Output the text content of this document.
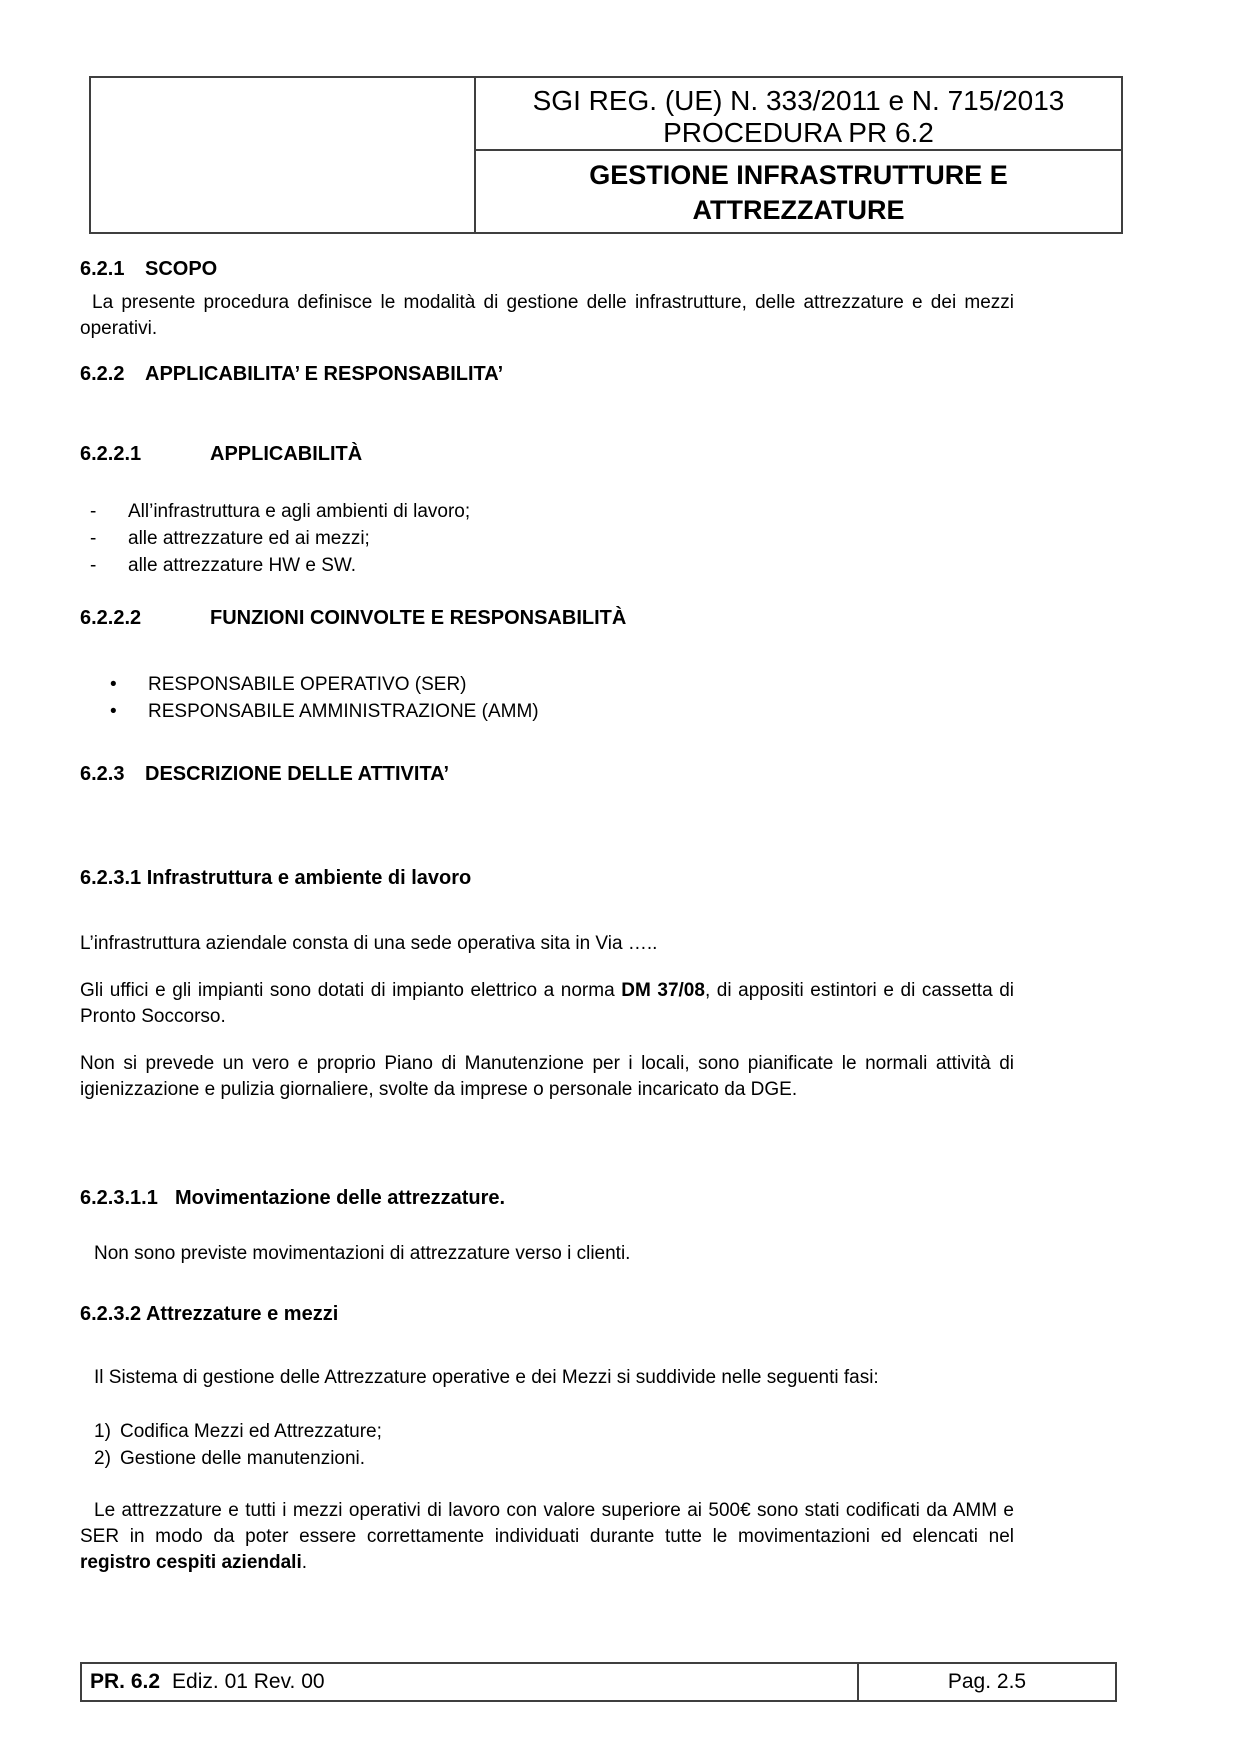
SGI REG. (UE) N. 333/2011 e N. 715/2013
PROCEDURA PR 6.2
GESTIONE INFRASTRUTTURE E ATTREZZATURE
6.2.1 SCOPO
La presente procedura definisce le modalità di gestione delle infrastrutture, delle attrezzature e dei mezzi operativi.
6.2.2 APPLICABILITA’ E RESPONSABILITA’
6.2.2.1	APPLICABILITÀ
-	All’infrastruttura e agli ambienti di lavoro;
-	alle attrezzature ed ai mezzi;
-	alle attrezzature HW e SW.
6.2.2.2	FUNZIONI COINVOLTE E RESPONSABILITÀ
•	RESPONSABILE OPERATIVO (SER)
•	RESPONSABILE AMMINISTRAZIONE (AMM)
6.2.3 DESCRIZIONE DELLE ATTIVITA’
6.2.3.1 Infrastruttura e ambiente di lavoro
L’infrastruttura aziendale consta di una sede operativa sita in Via …..
Gli uffici e gli impianti sono dotati di impianto elettrico a norma DM 37/08, di appositi estintori e di cassetta di Pronto Soccorso.
Non si prevede un vero e proprio Piano di Manutenzione per i locali, sono pianificate le normali attività di igienizzazione e pulizia giornaliere, svolte da imprese o personale incaricato da DGE.
6.2.3.1.1 Movimentazione delle attrezzature.
Non sono previste movimentazioni di attrezzature verso i clienti.
6.2.3.2 Attrezzature e mezzi
Il Sistema di gestione delle Attrezzature operative e dei Mezzi si suddivide nelle seguenti fasi:
1) Codifica Mezzi ed Attrezzature;
2) Gestione delle manutenzioni.
Le attrezzature e tutti i mezzi operativi di lavoro con valore superiore ai 500€ sono stati codificati da AMM e SER in modo da poter essere correttamente individuati durante tutte le movimentazioni ed elencati nel registro cespiti aziendali.
PR. 6.2 Ediz. 01 Rev. 00	Pag. 2.5
